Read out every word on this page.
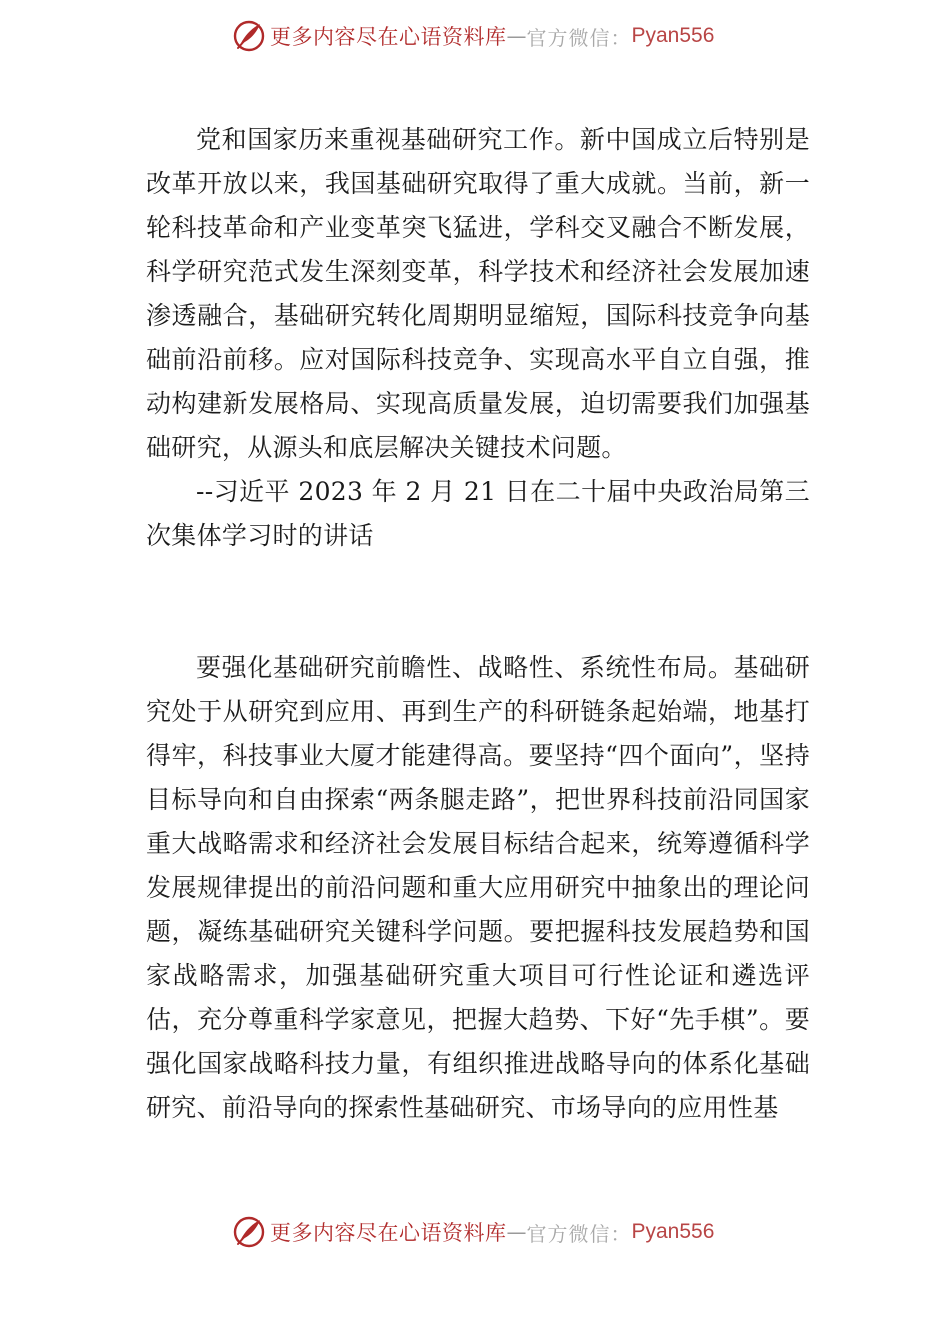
更多内容尽在心语资料库 — 官方微信： Pyan556

党和国家历来重视基础研究工作。新中国成立后特别是改革开放以来，我国基础研究取得了重大成就。当前，新一轮科技革命和产业变革突飞猛进，学科交叉融合不断发展，科学研究范式发生深刻变革，科学技术和经济社会发展加速渗透融合，基础研究转化周期明显缩短，国际科技竞争向基础前沿前移。应对国际科技竞争、实现高水平自立自强，推动构建新发展格局、实现高质量发展，迫切需要我们加强基础研究，从源头和底层解决关键技术问题。

--习近平 2023 年 2 月 21 日在二十届中央政治局第三次集体学习时的讲话

要强化基础研究前瞻性、战略性、系统性布局。基础研究处于从研究到应用、再到生产的科研链条起始端，地基打得牢，科技事业大厦才能建得高。要坚持“四个面向”，坚持目标导向和自由探索“两条腿走路”，把世界科技前沿同国家重大战略需求和经济社会发展目标结合起来，统筹遵循科学发展规律提出的前沿问题和重大应用研究中抽象出的理论问题，凝练基础研究关键科学问题。要把握科技发展趋势和国家战略需求，加强基础研究重大项目可行性论证和遴选评估，充分尊重科学家意见，把握大趋势、下好“先手棋”。要强化国家战略科技力量，有组织推进战略导向的体系化基础研究、前沿导向的探索性基础研究、市场导向的应用性基

更多内容尽在心语资料库 — 官方微信： Pyan556
